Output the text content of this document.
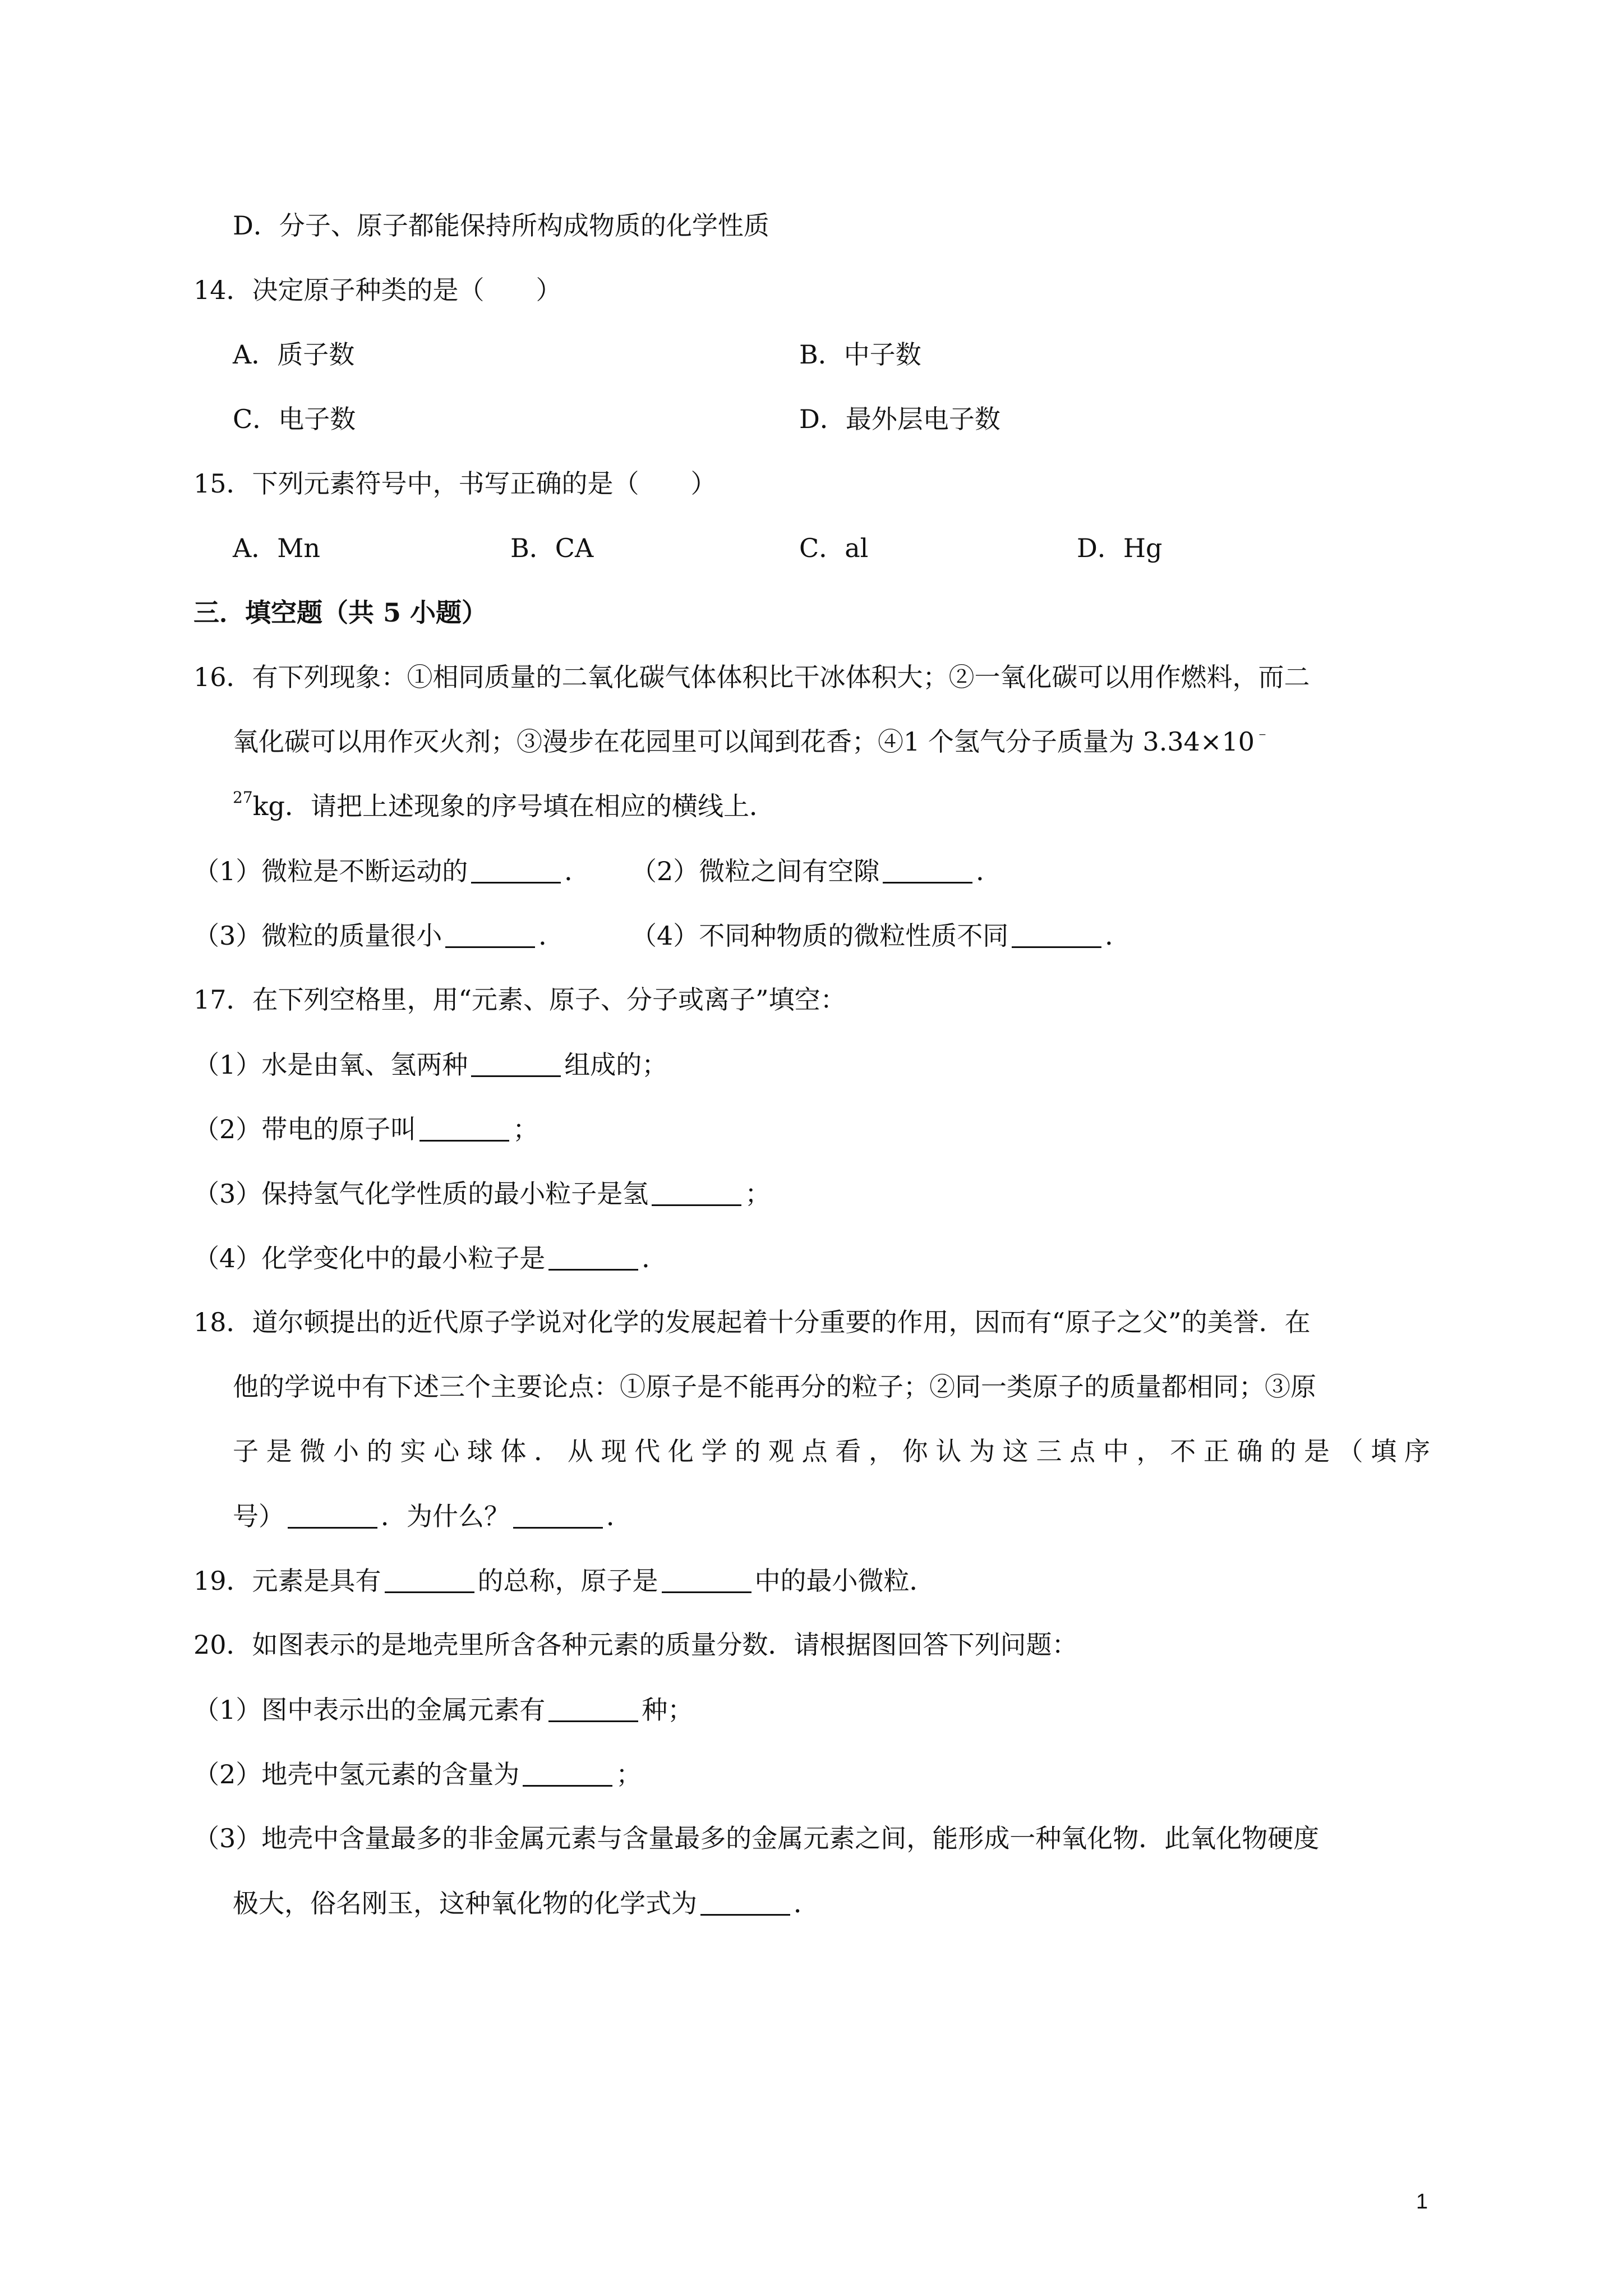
D．分子、原子都能保持所构成物质的化学性质
14．决定原子种类的是（　　）
A．质子数	B．中子数
C．电子数	D．最外层电子数
15．下列元素符号中，书写正确的是（　　）
A．Mn	B．CA	C．al	D．Hg
三．填空题（共 5 小题）
16．有下列现象：①相同质量的二氧化碳气体体积比干冰体积大；②一氧化碳可以用作燃料，而二
氧化碳可以用作灭火剂；③漫步在花园里可以闻到花香；④1 个氢气分子质量为 3.34×10﹣
$^{27}$kg．请把上述现象的序号填在相应的横线上．
（1）微粒是不断运动的	． （2）微粒之间有空隙	．
（3）微粒的质量很小	．	（4）不同种物质的微粒性质不同	．
17．在下列空格里，用“元素、原子、分子或离子”填空：
（1）水是由氧、氢两种	组成的；
（2）带电的原子叫	；
（3）保持氢气化学性质的最小粒子是氢	；
（4）化学变化中的最小粒子是	．
18．道尔顿提出的近代原子学说对化学的发展起着十分重要的作用，因而有“原子之父”的美誉．在
他的学说中有下述三个主要论点：①原子是不能再分的粒子；②同一类原子的质量都相同；③原
子是微小的实心球体．从现代化学的观点看，你认为这三点中，不正确的是（填序
号）	．为什么？	．
19．元素是具有	的总称，原子是	中的最小微粒．
20．如图表示的是地壳里所含各种元素的质量分数．请根据图回答下列问题：
（1）图中表示出的金属元素有	种；
（2）地壳中氢元素的含量为	；
（3）地壳中含量最多的非金属元素与含量最多的金属元素之间，能形成一种氧化物．此氧化物硬度
极大，俗名刚玉，这种氧化物的化学式为	．
1
